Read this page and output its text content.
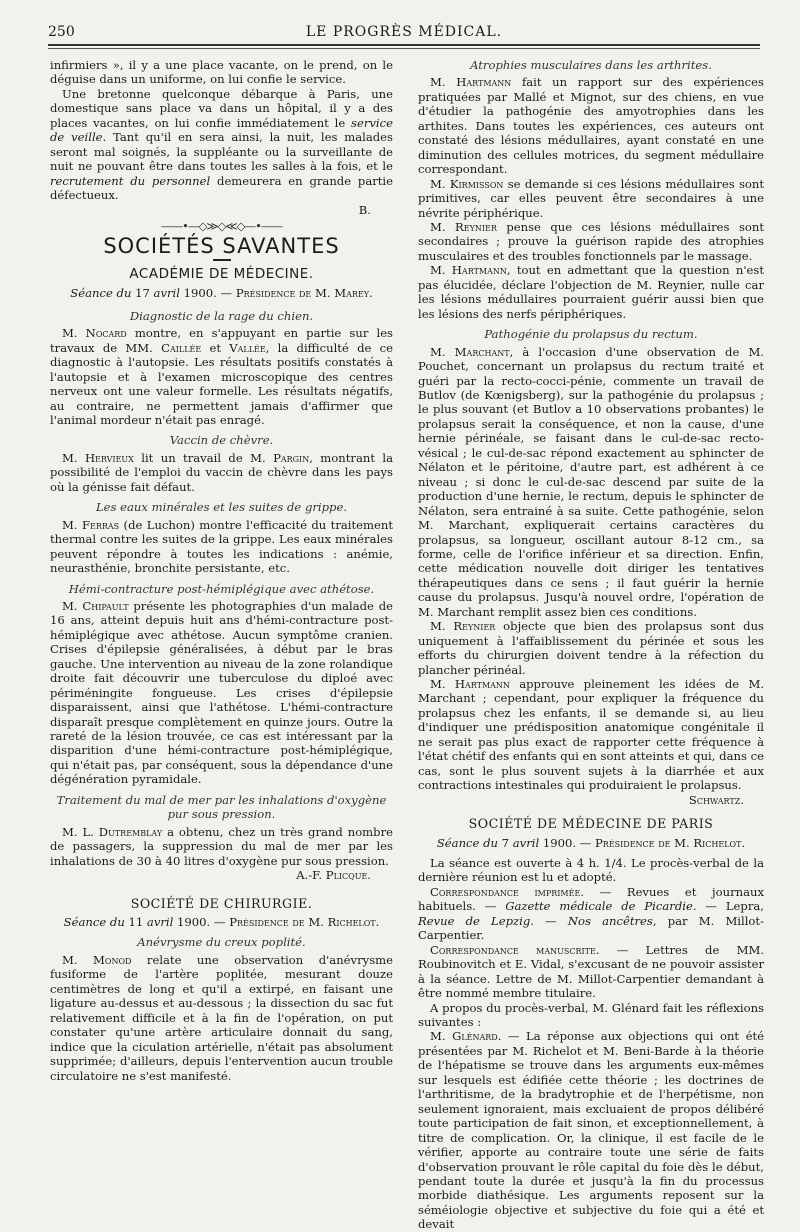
250	LE PROGRÈS MÉDICAL.

infirmiers », il y a une place vacante, on le prend, on le déguise dans un uniforme, on lui confie le service.

Une bretonne quelconque débarque à Paris, une domestique sans place va dans un hôpital, il y a des places vacantes, on lui confie immédiatement le service de veille. Tant qu'il en sera ainsi, la nuit, les malades seront mal soignés, la suppléante ou la surveillante de nuit ne pouvant être dans toutes les salles à la fois, et le recrutement du personnel demeurera en grande partie défectueux.

B.

——•—◇≫◇≪◇—•——
SOCIÉTÉS SAVANTES
ACADÉMIE DE MÉDECINE.
Séance du 17 avril 1900. — Présidence de M. Marey.
Diagnostic de la rage du chien.

M. Nocard montre, en s'appuyant en partie sur les travaux de MM. Caillée et Vallée, la difficulté de ce diagnostic à l'autopsie. Les résultats positifs constatés à l'autopsie et à l'examen microscopique des centres nerveux ont une valeur formelle. Les résultats négatifs, au contraire, ne permettent jamais d'affirmer que l'animal mordeur n'était pas enragé.

Vaccin de chèvre.

M. Hervieux lit un travail de M. Pargin, montrant la possibilité de l'emploi du vaccin de chèvre dans les pays où la génisse fait défaut.

Les eaux minérales et les suites de grippe.

M. Ferras (de Luchon) montre l'efficacité du traitement thermal contre les suites de la grippe. Les eaux minérales peuvent répondre à toutes les indications : anémie, neurasthénie, bronchite persistante, etc.

Hémi-contracture post-hémiplégique avec athétose.

M. Chipault présente les photographies d'un malade de 16 ans, atteint depuis huit ans d'hémi-contracture post-hémiplégique avec athétose. Aucun symptôme cranien. Crises d'épilepsie généralisées, à début par le bras gauche. Une intervention au niveau de la zone rolandique droite fait découvrir une tuberculose du diploé avec périméningite fongueuse. Les crises d'épilepsie disparaissent, ainsi que l'athétose. L'hémi-contracture disparaît presque complètement en quinze jours. Outre la rareté de la lésion trouvée, ce cas est intéressant par la disparition d'une hémi-contracture post-hémiplégique, qui n'était pas, par conséquent, sous la dépendance d'une dégénération pyramidale.

Traitement du mal de mer par les inhalations d'oxygène pur sous pression.

M. L. Dutremblay a obtenu, chez un très grand nombre de passagers, la suppression du mal de mer par les inhalations de 30 à 40 litres d'oxygène pur sous pression.

A.-F. Plicque.

SOCIÉTÉ DE CHIRURGIE.
Séance du 11 avril 1900. — Présidence de M. Richelot.
Anévrysme du creux poplité.

M. Monod relate une observation d'anévrysme fusiforme de l'artère poplitée, mesurant douze centimètres de long et qu'il a extirpé, en faisant une ligature au-dessus et au-dessous ; la dissection du sac fut relativement difficile et à la fin de l'opération, on put constater qu'une artère articulaire donnait du sang, indice que la ciculation artérielle, n'était pas absolument supprimée; d'ailleurs, depuis l'entervention aucun trouble circulatoire ne s'est manifesté.

Atrophies musculaires dans les arthrites.

M. Hartmann fait un rapport sur des expériences pratiquées par Mallé et Mignot, sur des chiens, en vue d'étudier la pathogénie des amyotrophies dans les arthites. Dans toutes les expériences, ces auteurs ont constaté des lésions médullaires, ayant constaté en une diminution des cellules motrices, du segment médullaire correspondant.

M. Kirmisson se demande si ces lésions médullaires sont primitives, car elles peuvent être secondaires à une névrite périphérique.

M. Reynier pense que ces lésions médullaires sont secondaires ; prouve la guérison rapide des atrophies musculaires et des troubles fonctionnels par le massage.

M. Hartmann, tout en admettant que la question n'est pas élucidée, déclare l'objection de M. Reynier, nulle car les lésions médullaires pourraient guérir aussi bien que les lésions des nerfs périphériques.

Pathogénie du prolapsus du rectum.

M. Marchant, à l'occasion d'une observation de M. Pouchet, concernant un prolapsus du rectum traité et guéri par la recto-cocci-pénie, commente un travail de Butlov (de Kœnigsberg), sur la pathogénie du prolapsus ; le plus souvant (et Butlov a 10 observations probantes) le prolapsus serait la conséquence, et non la cause, d'une hernie périnéale, se faisant dans le cul-de-sac recto-vésical ; le cul-de-sac répond exactement au sphincter de Nélaton et le péritoine, d'autre part, est adhérent à ce niveau ; si donc le cul-de-sac descend par suite de la production d'une hernie, le rectum, depuis le sphincter de Nélaton, sera entrainé à sa suite. Cette pathogénie, selon M. Marchant, expliquerait certains caractères du prolapsus, sa longueur, oscillant autour 8-12 cm., sa forme, celle de l'orifice inférieur et sa direction. Enfin, cette médication nouvelle doit diriger les tentatives thérapeutiques dans ce sens ; il faut guérir la hernie cause du prolapsus. Jusqu'à nouvel ordre, l'opération de M. Marchant remplit assez bien ces conditions.

M. Reynier objecte que bien des prolapsus sont dus uniquement à l'affaiblissement du périnée et sous les efforts du chirurgien doivent tendre à la réfection du plancher périnéal.

M. Hartmann approuve pleinement les idées de M. Marchant ; cependant, pour expliquer la fréquence du prolapsus chez les enfants, il se demande si, au lieu d'indiquer une prédisposition anatomique congénitale il ne serait pas plus exact de rapporter cette fréquence à l'état chétif des enfants qui en sont atteints et qui, dans ce cas, sont le plus souvent sujets à la diarrhée et aux contractions intestinales qui produiraient le prolapsus.

Schwartz.

SOCIÉTÉ DE MÉDECINE DE PARIS
Séance du 7 avril 1900. — Présidence de M. Richelot.

La séance est ouverte à 4 h. 1/4. Le procès-verbal de la dernière réunion est lu et adopté.

Correspondance imprimée. — Revues et journaux habituels. — Gazette médicale de Picardie. — Lepra, Revue de Lepzig. — Nos ancêtres, par M. Millot-Carpentier.

Correspondance manuscrite. — Lettres de MM. Roubinovitch et E. Vidal, s'excusant de ne pouvoir assister à la séance. Lettre de M. Millot-Carpentier demandant à être nommé membre titulaire.

A propos du procès-verbal, M. Glénard fait les réflexions suivantes :

M. Glénard. — La réponse aux objections qui ont été présentées par M. Richelot et M. Beni-Barde à la théorie de l'hépatisme se trouve dans les arguments eux-mêmes sur lesquels est édifiée cette théorie ; les doctrines de l'arthritisme, de la bradytrophie et de l'herpétisme, non seulement ignoraient, mais excluaient de propos délibéré toute participation de fait sinon, et exceptionnellement, à titre de complication. Or, la clinique, il est facile de le vérifier, apporte au contraire toute une série de faits d'observation prouvant le rôle capital du foie dès le début, pendant toute la durée et jusqu'à la fin du processus morbide diathésique. Les arguments reposent sur la séméiologie objective et subjective du foie qui a été et devait
